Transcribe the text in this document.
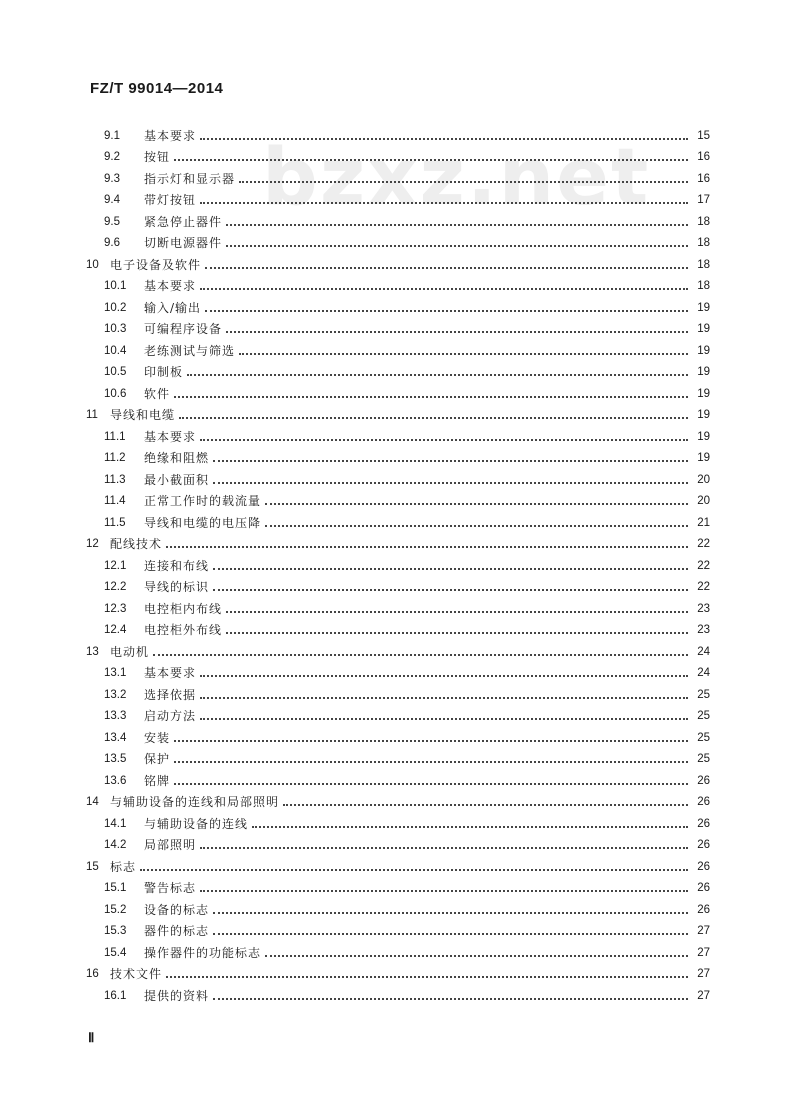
FZ/T 99014—2014
bzxz.net
9.1	基本要求	15
9.2	按钮	16
9.3	指示灯和显示器	16
9.4	带灯按钮	17
9.5	紧急停止器件	18
9.6	切断电源器件	18
10 电子设备及软件	18
10.1	基本要求	18
10.2	输入/输出	19
10.3	可编程序设备	19
10.4	老练测试与筛选	19
10.5	印制板	19
10.6	软件	19
11	导线和电缆	19
11.1	基本要求	19
11.2	绝缘和阻燃	19
11.3	最小截面积	20
11.4	正常工作时的载流量	20
11.5	导线和电缆的电压降	21
12 配线技术	22
12.1	连接和布线	22
12.2	导线的标识	22
12.3	电控柜内布线	23
12.4	电控柜外布线	23
13 电动机	24
13.1	基本要求	24
13.2	选择依据	25
13.3	启动方法	25
13.4	安装	25
13.5	保护	25
13.6	铭牌	26
14 与辅助设备的连线和局部照明	26
14.1	与辅助设备的连线	26
14.2	局部照明	26
15 标志	26
15.1	警告标志	26
15.2	设备的标志	26
15.3	器件的标志	27
15.4	操作器件的功能标志	27
16 技术文件	27
16.1	提供的资料	27
Ⅱ
